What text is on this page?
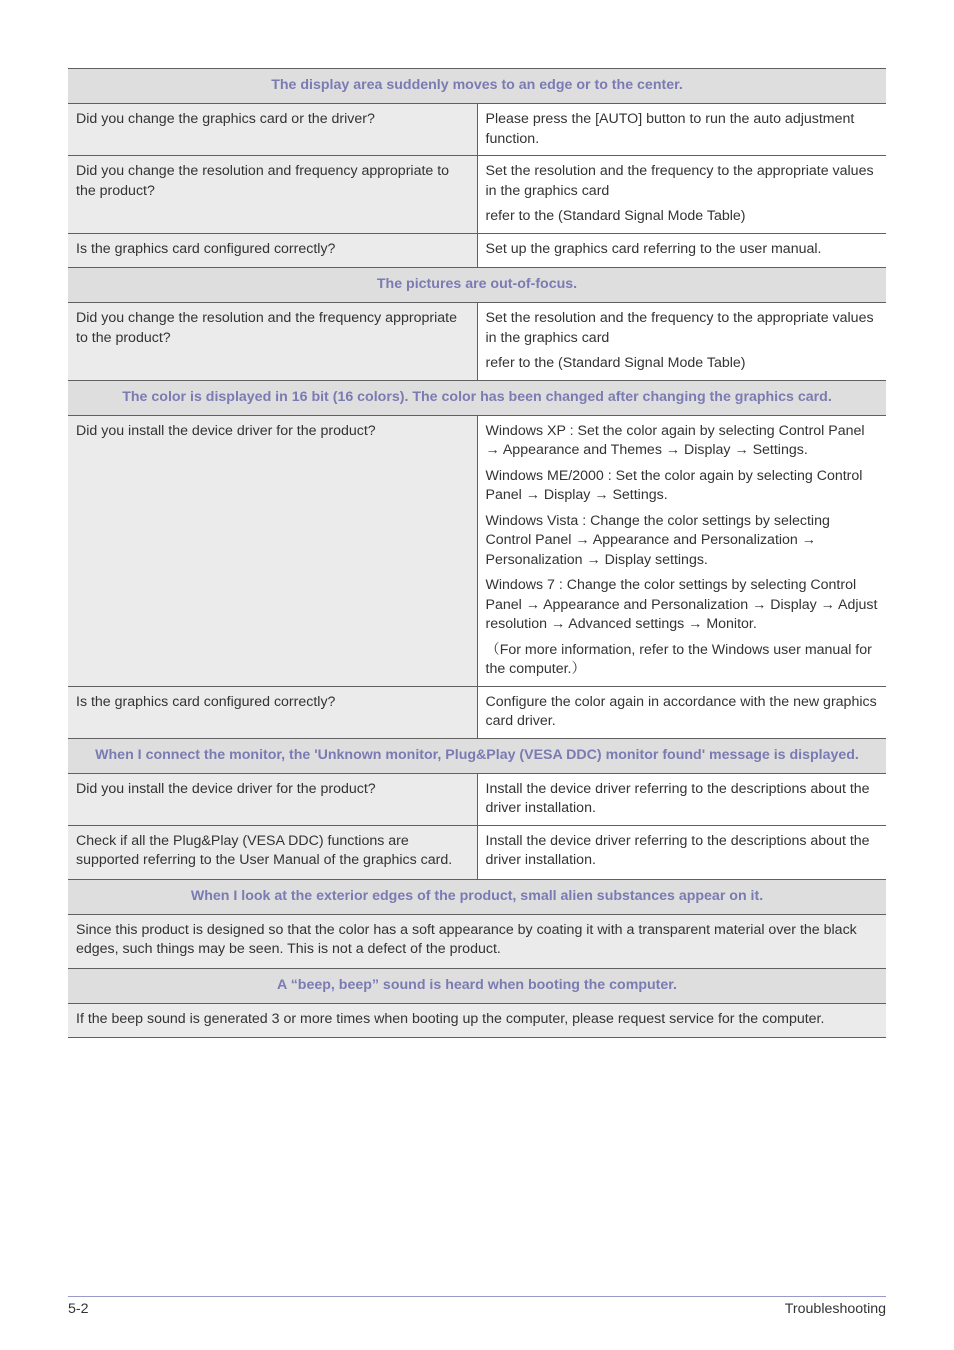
The display area suddenly moves to an edge or to the center.	
Did you change the graphics card or the driver?	Please press the [AUTO] button to run the auto adjustment function.

Did you change the resolution and frequency appropriate to the product?	Set the resolution and the frequency to the appropriate values in the graphics card
refer to the (Standard Signal Mode Table)

Is the graphics card configured correctly?	Set up the graphics card referring to the user manual.

The pictures are out-of-focus.	
Did you change the resolution and the frequency appropriate to the product?	Set the resolution and the frequency to the appropriate values in the graphics card
refer to the (Standard Signal Mode Table)

The color is displayed in 16 bit (16 colors). The color has been changed after changing the graphics card.	
Did you install the device driver for the product?	Windows XP : Set the color again by selecting Control Panel → Appearance and Themes → Display → Settings.
Windows ME/2000 : Set the color again by selecting Control Panel → Display → Settings.
Windows Vista : Change the color settings by selecting Control Panel → Appearance and Personalization → Personalization → Display settings.
Windows 7 : Change the color settings by selecting Control Panel → Appearance and Personalization → Display → Adjust resolution → Advanced settings → Monitor.
（For more information, refer to the Windows user manual for the computer.）

Is the graphics card configured correctly?	Configure the color again in accordance with the new graphics card driver.

When I connect the monitor, the 'Unknown monitor, Plug&Play (VESA DDC) monitor found' message is displayed.	
Did you install the device driver for the product?	Install the device driver referring to the descriptions about the driver installation.

Check if all the Plug&Play (VESA DDC) functions are supported referring to the User Manual of the graphics card.	Install the device driver referring to the descriptions about the driver installation.

When I look at the exterior edges of the product, small alien substances appear on it.	
Since this product is designed so that the color has a soft appearance by coating it with a transparent material over the black edges, such things may be seen. This is not a defect of the product.	
A “beep, beep” sound is heard when booting the computer.	
If the beep sound is generated 3 or more times when booting up the computer, please request service for the computer.	
5-2	Troubleshooting
